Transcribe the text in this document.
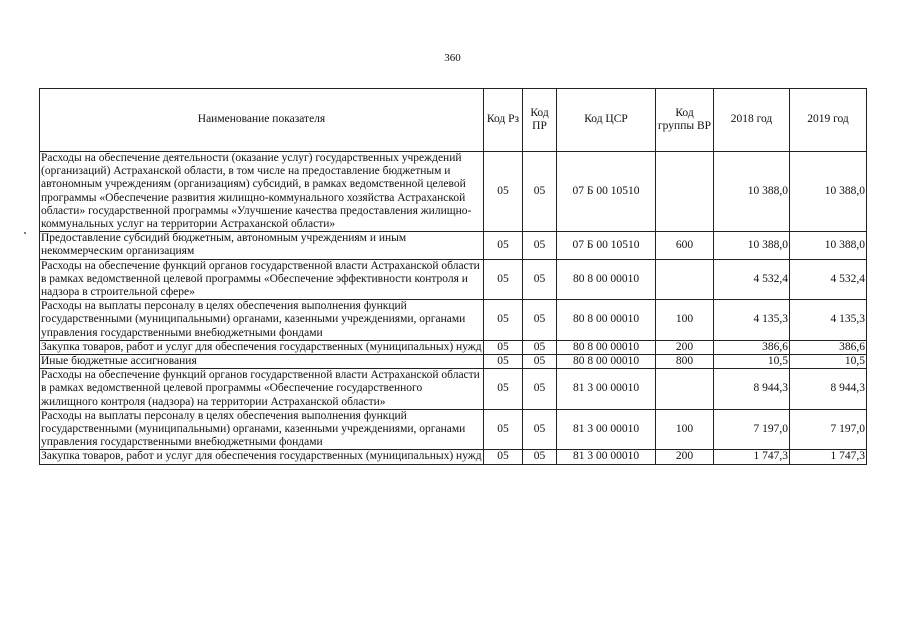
360
Наименование показателя	Код Рз	Код ПР	Код ЦСР	Код группы ВР	2018 год	2019 год
Расходы на обеспечение деятельности (оказание услуг) государственных учреждений (организаций) Астраханской области, в том числе на предоставление бюджетным и автономным учреждениям (организациям) субсидий, в рамках ведомственной целевой программы «Обеспечение развития жилищно-коммунального хозяйства Астраханской области» государственной программы «Улучшение качества предоставления жилищно-коммунальных услуг на территории Астраханской области»	05	05	07 Б 00 10510		10 388,0	10 388,0
Предоставление субсидий бюджетным, автономным учреждениям и иным некоммерческим организациям	05	05	07 Б 00 10510	600	10 388,0	10 388,0
Расходы на обеспечение функций органов государственной власти Астраханской области в рамках ведомственной целевой программы «Обеспечение эффективности контроля и надзора в строительной сфере»	05	05	80 8 00 00010		4 532,4	4 532,4
Расходы на выплаты персоналу в целях обеспечения выполнения функций государственными (муниципальными) органами, казенными учреждениями, органами управления государственными внебюджетными фондами	05	05	80 8 00 00010	100	4 135,3	4 135,3
Закупка товаров, работ и услуг для обеспечения государственных (муниципальных) нужд	05	05	80 8 00 00010	200	386,6	386,6
Иные бюджетные ассигнования	05	05	80 8 00 00010	800	10,5	10,5
Расходы на обеспечение функций органов государственной власти Астраханской области в рамках ведомственной целевой программы «Обеспечение государственного жилищного контроля (надзора) на территории Астраханской области»	05	05	81 3 00 00010		8 944,3	8 944,3
Расходы на выплаты персоналу в целях обеспечения выполнения функций государственными (муниципальными) органами, казенными учреждениями, органами управления государственными внебюджетными фондами	05	05	81 3 00 00010	100	7 197,0	7 197,0
Закупка товаров, работ и услуг для обеспечения государственных (муниципальных) нужд	05	05	81 3 00 00010	200	1 747,3	1 747,3
